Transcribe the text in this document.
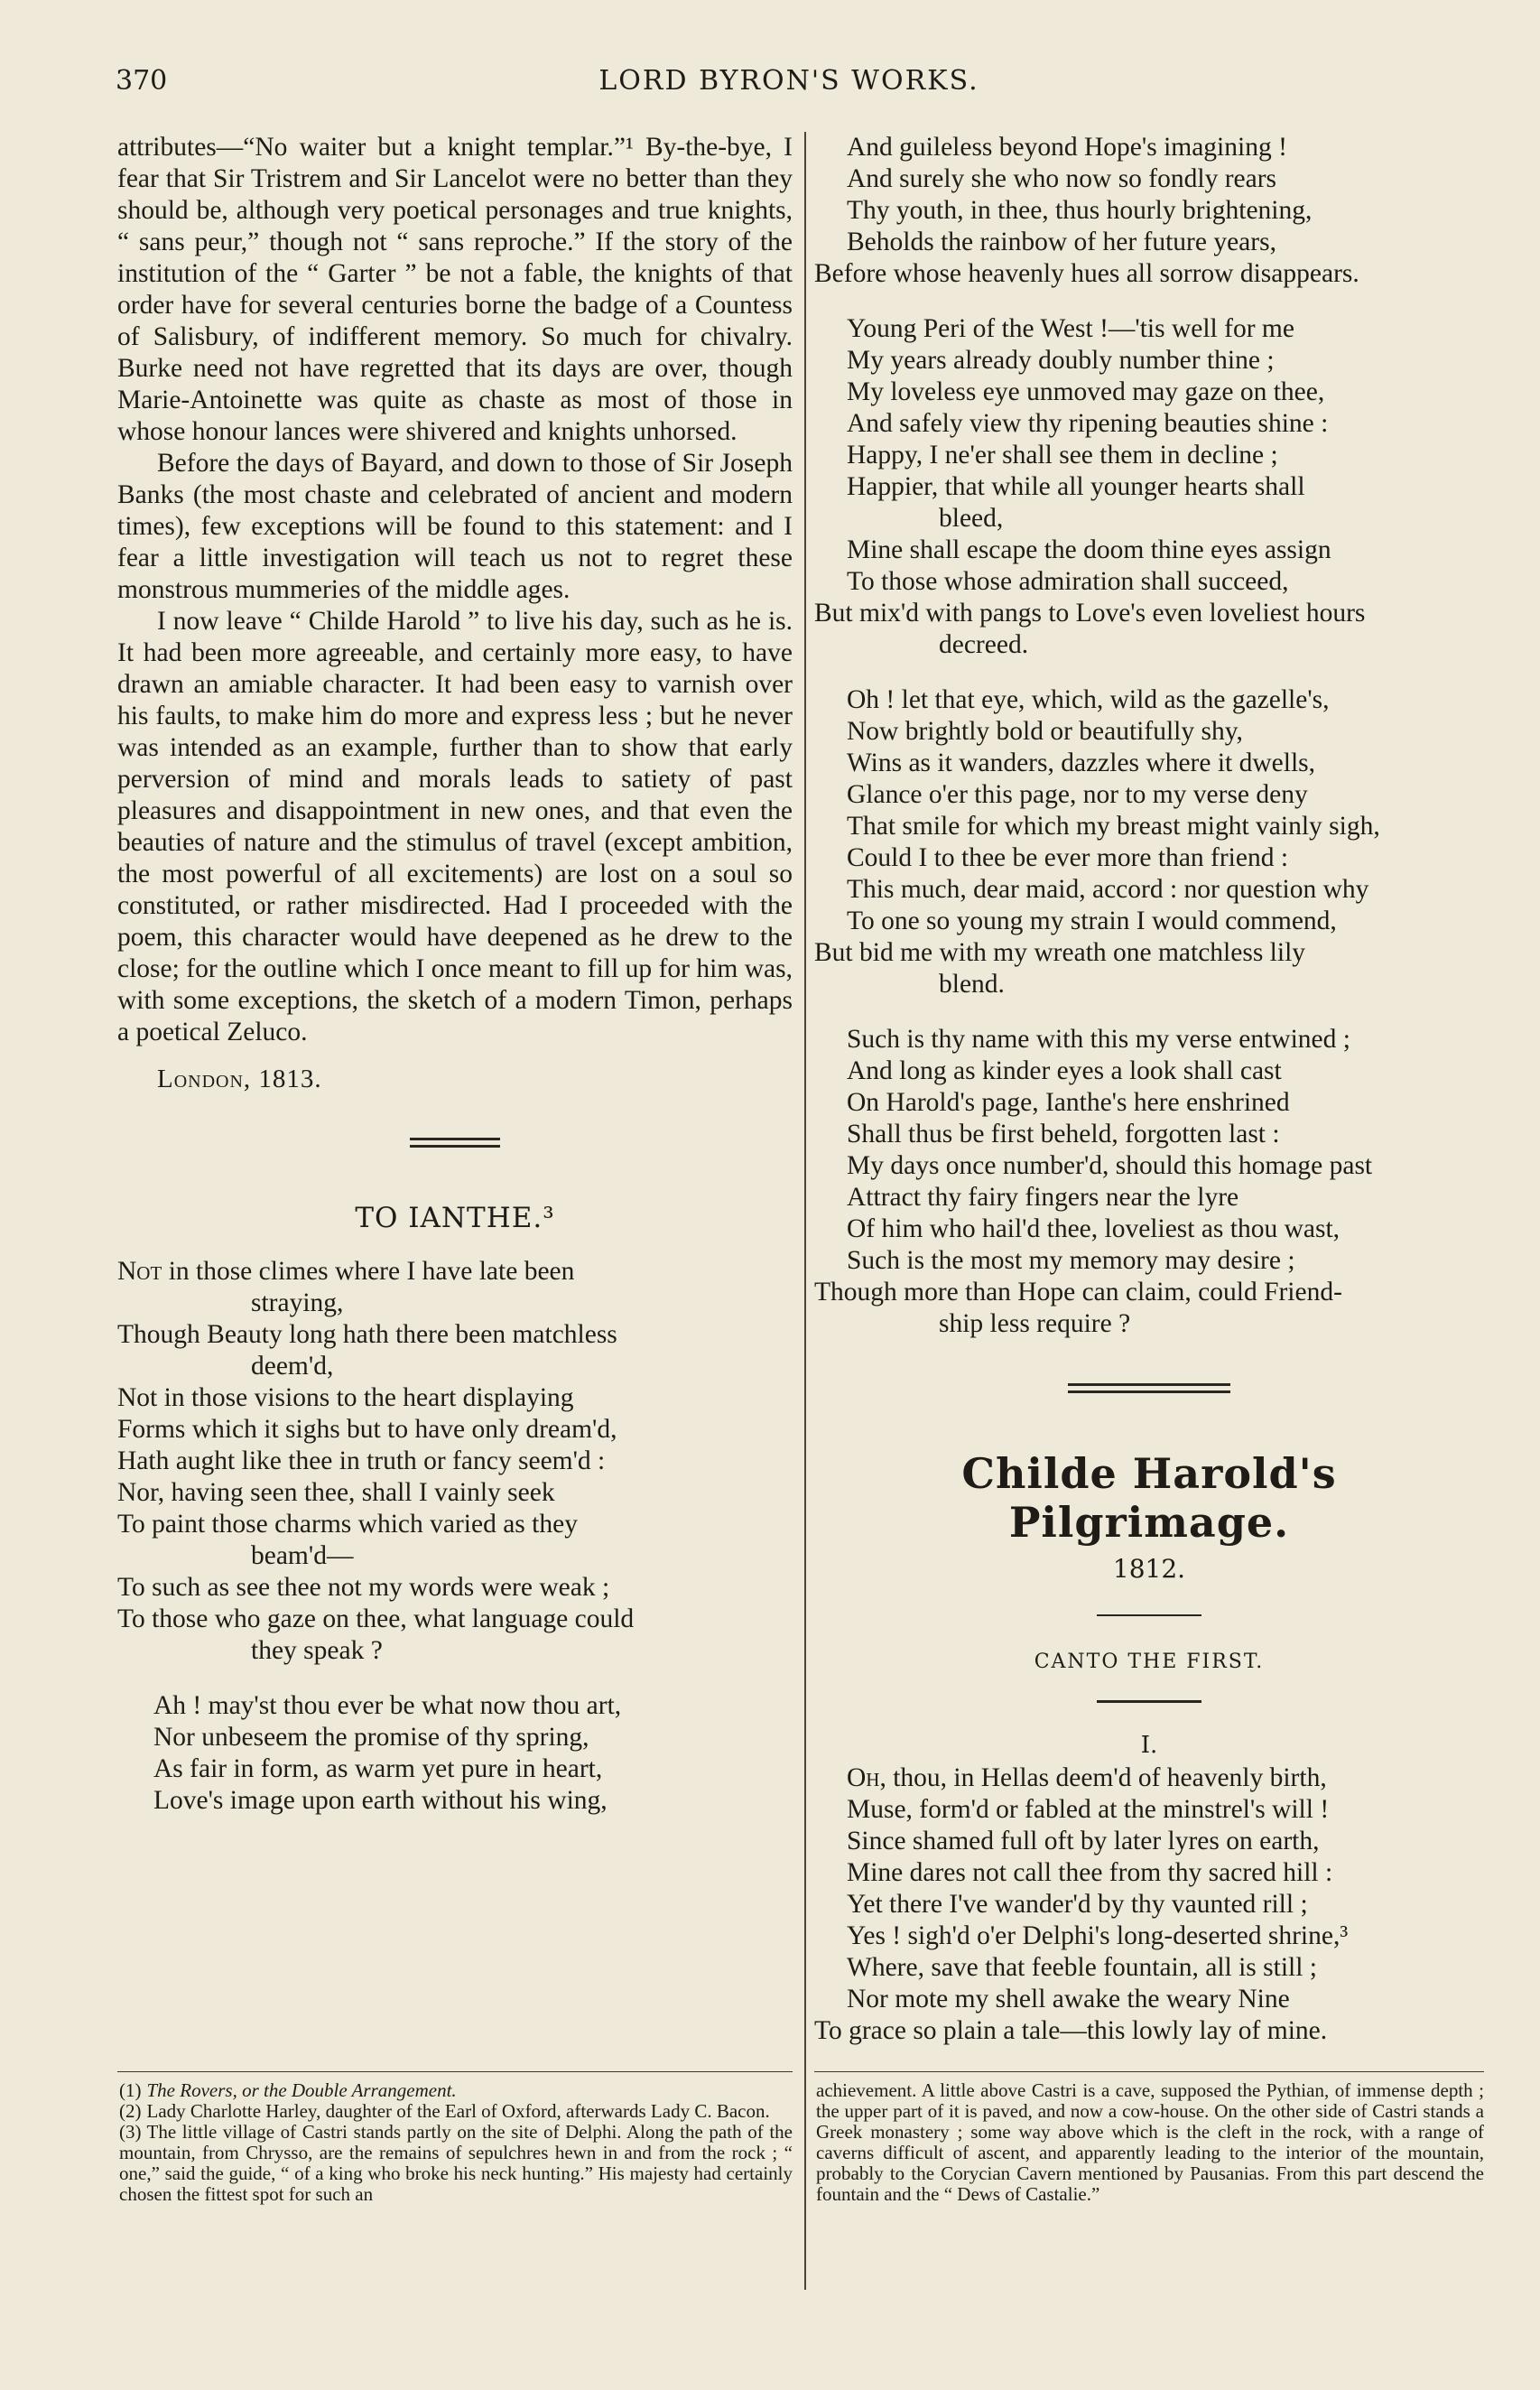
370	LORD BYRON'S WORKS.

attributes—“No waiter but a knight templar.”¹ By-the-bye, I fear that Sir Tristrem and Sir Lancelot were no better than they should be, although very poetical personages and true knights, “ sans peur,” though not “ sans reproche.” If the story of the institution of the “ Garter ” be not a fable, the knights of that order have for several centuries borne the badge of a Countess of Salisbury, of indifferent memory. So much for chivalry. Burke need not have regretted that its days are over, though Marie-Antoinette was quite as chaste as most of those in whose honour lances were shivered and knights unhorsed.

Before the days of Bayard, and down to those of Sir Joseph Banks (the most chaste and celebrated of ancient and modern times), few exceptions will be found to this statement: and I fear a little investigation will teach us not to regret these monstrous mummeries of the middle ages.

I now leave “ Childe Harold ” to live his day, such as he is. It had been more agreeable, and certainly more easy, to have drawn an amiable character. It had been easy to varnish over his faults, to make him do more and express less ; but he never was intended as an example, further than to show that early perversion of mind and morals leads to satiety of past pleasures and disappointment in new ones, and that even the beauties of nature and the stimulus of travel (except ambition, the most powerful of all excitements) are lost on a soul so constituted, or rather misdirected. Had I proceeded with the poem, this character would have deepened as he drew to the close; for the outline which I once meant to fill up for him was, with some exceptions, the sketch of a modern Timon, perhaps a poetical Zeluco.

London, 1813.
TO IANTHE.³
Not in those climes where I have late been
straying,
Though Beauty long hath there been matchless
deem'd,
Not in those visions to the heart displaying
Forms which it sighs but to have only dream'd,
Hath aught like thee in truth or fancy seem'd :
Nor, having seen thee, shall I vainly seek
To paint those charms which varied as they
beam'd—
To such as see thee not my words were weak ;
To those who gaze on thee, what language could
they speak ?
Ah ! may'st thou ever be what now thou art,
Nor unbeseem the promise of thy spring,
As fair in form, as warm yet pure in heart,
Love's image upon earth without his wing,
And guileless beyond Hope's imagining !
And surely she who now so fondly rears
Thy youth, in thee, thus hourly brightening,
Beholds the rainbow of her future years,
Before whose heavenly hues all sorrow disappears.
Young Peri of the West !—'tis well for me
My years already doubly number thine ;
My loveless eye unmoved may gaze on thee,
And safely view thy ripening beauties shine :
Happy, I ne'er shall see them in decline ;
Happier, that while all younger hearts shall
bleed,
Mine shall escape the doom thine eyes assign
To those whose admiration shall succeed,
But mix'd with pangs to Love's even loveliest hours
decreed.
Oh ! let that eye, which, wild as the gazelle's,
Now brightly bold or beautifully shy,
Wins as it wanders, dazzles where it dwells,
Glance o'er this page, nor to my verse deny
That smile for which my breast might vainly sigh,
Could I to thee be ever more than friend :
This much, dear maid, accord : nor question why
To one so young my strain I would commend,
But bid me with my wreath one matchless lily
blend.
Such is thy name with this my verse entwined ;
And long as kinder eyes a look shall cast
On Harold's page, Ianthe's here enshrined
Shall thus be first beheld, forgotten last :
My days once number'd, should this homage past
Attract thy fairy fingers near the lyre
Of him who hail'd thee, loveliest as thou wast,
Such is the most my memory may desire ;
Though more than Hope can claim, could Friend-
ship less require ?
Childe Harold's Pilgrimage.
1812.
CANTO THE FIRST.
I.
Oh, thou, in Hellas deem'd of heavenly birth,
Muse, form'd or fabled at the minstrel's will !
Since shamed full oft by later lyres on earth,
Mine dares not call thee from thy sacred hill :
Yet there I've wander'd by thy vaunted rill ;
Yes ! sigh'd o'er Delphi's long-deserted shrine,³
Where, save that feeble fountain, all is still ;
Nor mote my shell awake the weary Nine
To grace so plain a tale—this lowly lay of mine.

(1) The Rovers, or the Double Arrangement.

(2) Lady Charlotte Harley, daughter of the Earl of Oxford, afterwards Lady C. Bacon.

(3) The little village of Castri stands partly on the site of Delphi. Along the path of the mountain, from Chrysso, are the remains of sepulchres hewn in and from the rock ; “ one,” said the guide, “ of a king who broke his neck hunting.” His majesty had certainly chosen the fittest spot for such an

achievement. A little above Castri is a cave, supposed the Pythian, of immense depth ; the upper part of it is paved, and now a cow-house. On the other side of Castri stands a Greek monastery ; some way above which is the cleft in the rock, with a range of caverns difficult of ascent, and apparently leading to the interior of the mountain, probably to the Corycian Cavern mentioned by Pausanias. From this part descend the fountain and the “ Dews of Castalie.”
